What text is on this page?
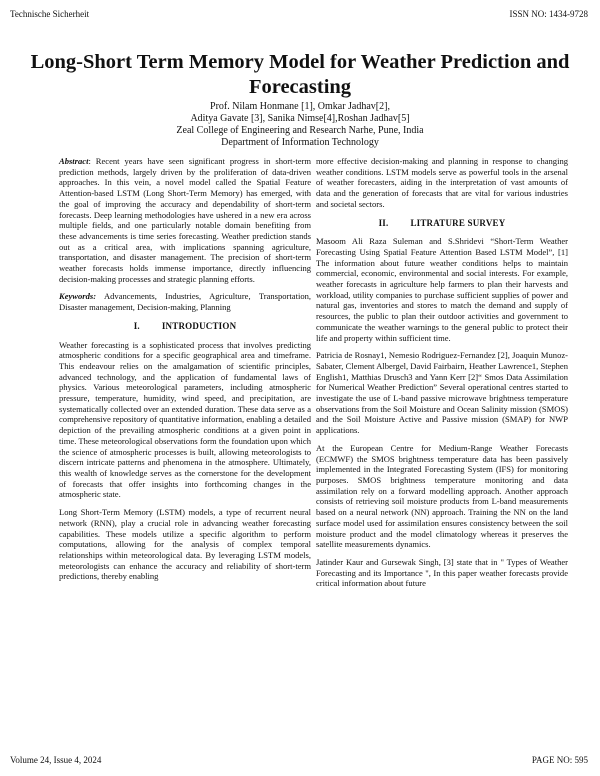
Technische Sicherheit	ISSN NO: 1434-9728
Long-Short Term Memory Model for Weather Prediction and Forecasting
Prof. Nilam Honmane [1], Omkar Jadhav[2],
Aditya Gavate [3], Sanika Nimse[4],Roshan Jadhav[5]
Zeal College of Engineering and Research Narhe, Pune, India
Department of Information Technology

Abstract: Recent years have seen significant progress in short-term prediction methods, largely driven by the proliferation of data-driven approaches. In this vein, a novel model called the Spatial Feature Attention-based LSTM (Long Short-Term Memory) has emerged, with the goal of improving the accuracy and dependability of short-term forecasts. Deep learning methodologies have ushered in a new era across multiple fields, and one particularly notable domain benefiting from these advancements is time series forecasting. Weather prediction stands out as a critical area, with implications spanning agriculture, transportation, and disaster management. The precision of short-term weather forecasts holds immense importance, directly influencing decision-making processes and strategic planning efforts.

Keywords: Advancements, Industries, Agriculture, Transportation, Disaster management, Decision-making, Planning

I. INTRODUCTION

Weather forecasting is a sophisticated process that involves predicting atmospheric conditions for a specific geographical area and timeframe. This endeavour relies on the amalgamation of scientific principles, advanced technology, and the application of fundamental laws of physics. Various meteorological parameters, including atmospheric pressure, temperature, humidity, wind speed, and precipitation, are systematically collected over an extended duration. These data serve as a comprehensive repository of quantitative information, enabling a detailed depiction of the prevailing atmospheric conditions at a given point in time. These meteorological observations form the foundation upon which the science of atmospheric processes is built, allowing meteorologists to discern intricate patterns and phenomena in the atmosphere. Ultimately, this wealth of knowledge serves as the cornerstone for the development of forecasts that offer insights into forthcoming changes in the atmospheric state.

Long Short-Term Memory (LSTM) models, a type of recurrent neural network (RNN), play a crucial role in advancing weather forecasting capabilities. These models utilize a specific algorithm to perform computations, allowing for the analysis of complex temporal relationships within meteorological data. By leveraging LSTM models, meteorologists can enhance the accuracy and reliability of short-term predictions, thereby enabling

more effective decision-making and planning in response to changing weather conditions. LSTM models serve as powerful tools in the arsenal of weather forecasters, aiding in the interpretation of vast amounts of data and the generation of forecasts that are vital for various industries and societal sectors.

II. LITRATURE SURVEY

Masoom Ali Raza Suleman and S.Shridevi “Short-Term Weather Forecasting Using Spatial Feature Attention Based LSTM Model”, [1] The information about future weather conditions helps to maintain commercial, economic, environmental and social interests. For example, weather forecasts in agriculture help farmers to plan their harvests and workload, utility companies to purchase sufficient supplies of power and natural gas, inventories and stores to match the demand and supply of resources, the public to plan their outdoor activities and government to communicate the weather warnings to the general public to protect their life and property within sufficient time.

Patricia de Rosnay1, Nemesio Rodriguez-Fernandez [2], Joaquin Munoz-Sabater, Clement Albergel, David Fairbairn, Heather Lawrence1, Stephen English1, Matthias Drusch3 and Yann Kerr [2]“ Smos Data Assimilation for Numerical Weather Prediction” Several operational centres started to investigate the use of L-band passive microwave brightness temperature observations from the Soil Moisture and Ocean Salinity mission (SMOS) and the Soil Moisture Active and Passive mission (SMAP) for NWP applications.

At the European Centre for Medium-Range Weather Forecasts (ECMWF) the SMOS brightness temperature data has been passively implemented in the Integrated Forecasting System (IFS) for monitoring purposes. SMOS brightness temperature monitoring and data assimilation rely on a forward modelling approach. Another approach consists of retrieving soil moisture products from L-band measurements based on a neural network (NN) approach. Training the NN on the land surface model used for assimilation ensures consistency between the soil moisture product and the model climatology whereas it preserves the satellite measurements dynamics.

Jatinder Kaur and Gursewak Singh, [3] state that in " Types of Weather Forecasting and its Importance ", In this paper weather forecasts provide critical information about future

Volume 24, Issue 4, 2024	PAGE NO: 595
